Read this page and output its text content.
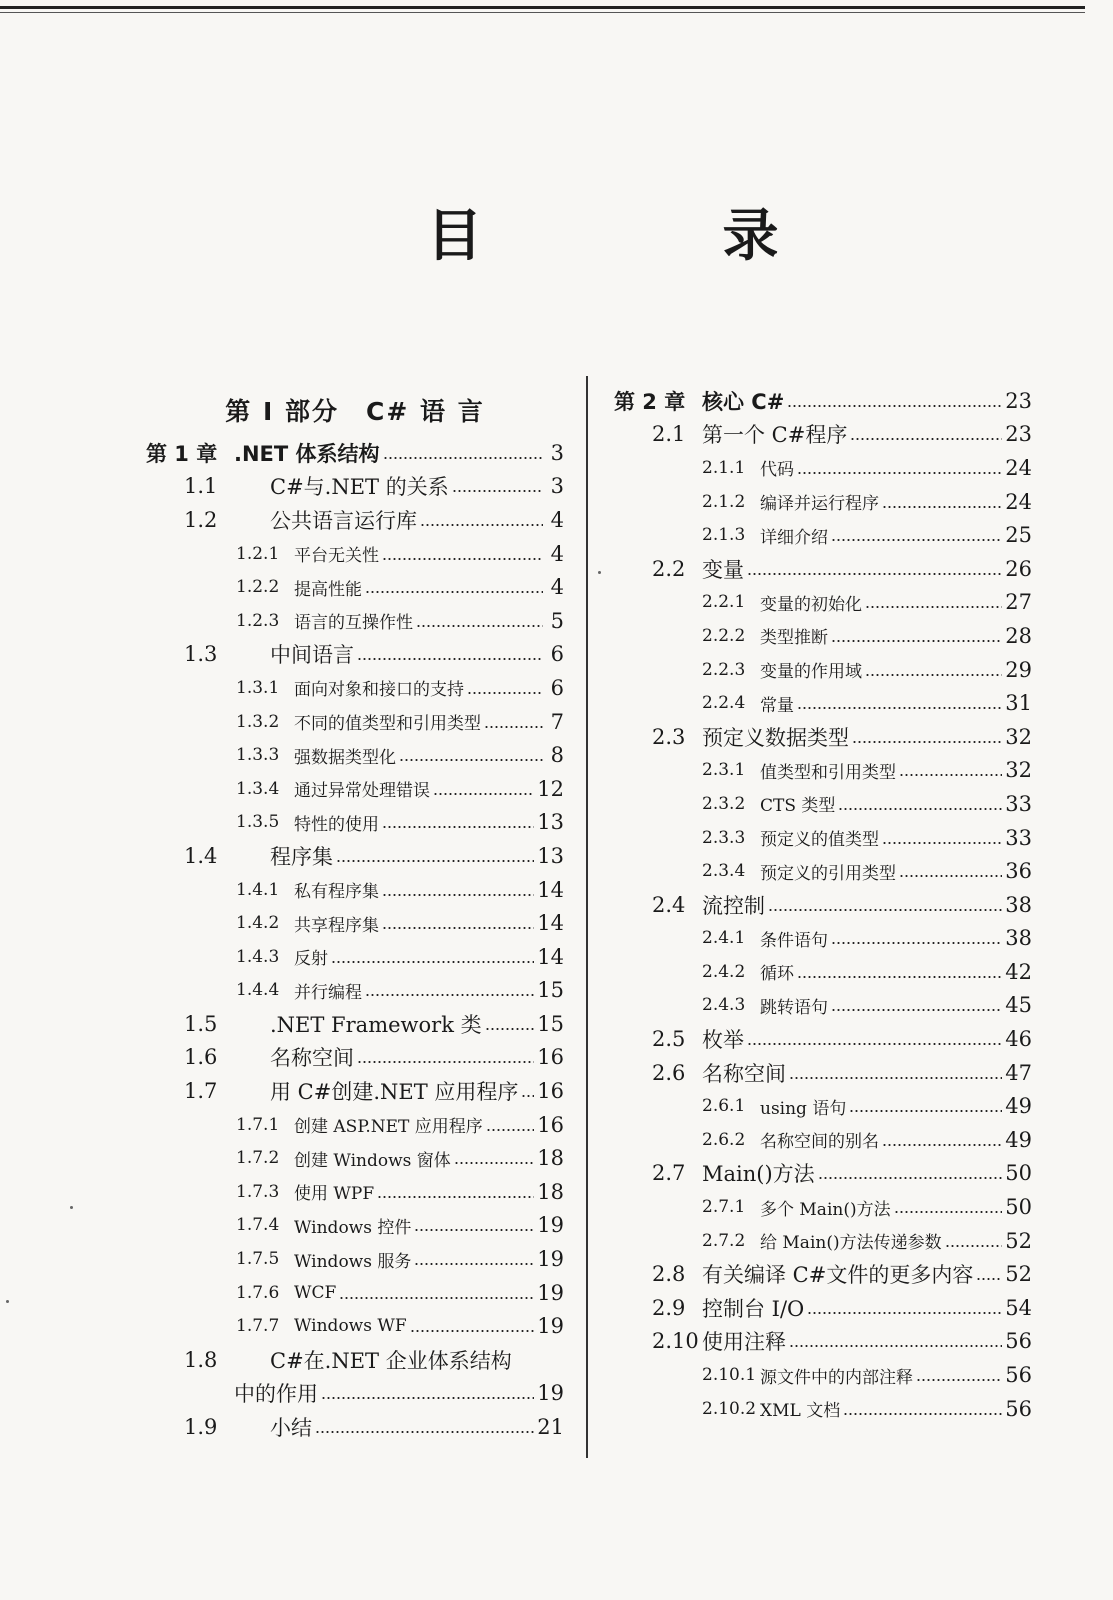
目　录
第 I 部分　C# 语 言
第 1 章 .NET 体系结构	3
1.1	C#与.NET 的关系	3
1.2	公共语言运行库	4
1.2.1 平台无关性	4
1.2.2 提高性能	4
1.2.3 语言的互操作性	5
1.3	中间语言	6
1.3.1 面向对象和接口的支持	6
1.3.2 不同的值类型和引用类型	7
1.3.3 强数据类型化	8
1.3.4 通过异常处理错误	12
1.3.5 特性的使用	13
1.4	程序集	13
1.4.1 私有程序集	14
1.4.2 共享程序集	14
1.4.3 反射	14
1.4.4 并行编程	15
1.5	.NET Framework 类	15
1.6	名称空间	16
1.7	用 C#创建.NET 应用程序 16
1.7.1 创建 ASP.NET 应用程序	16
1.7.2 创建 Windows 窗体	18
1.7.3 使用 WPF	18
1.7.4 Windows 控件	19
1.7.5 Windows 服务	19
1.7.6 WCF	19
1.7.7 Windows WF	19
1.8	C#在.NET 企业体系结构
中的作用	19
1.9	小结	21
第 2 章 核心 C#	23
2.1 第一个 C#程序	23
2.1.1 代码	24
2.1.2 编译并运行程序	24
2.1.3 详细介绍	25
2.2 变量	26
2.2.1 变量的初始化	27
2.2.2 类型推断	28
2.2.3 变量的作用域	29
2.2.4 常量	31
2.3 预定义数据类型	32
2.3.1 值类型和引用类型	32
2.3.2 CTS 类型	33
2.3.3 预定义的值类型	33
2.3.4 预定义的引用类型	36
2.4 流控制	38
2.4.1 条件语句	38
2.4.2 循环	42
2.4.3 跳转语句	45
2.5 枚举	46
2.6 名称空间	47
2.6.1 using 语句	49
2.6.2 名称空间的别名	49
2.7 Main()方法	50
2.7.1 多个 Main()方法	50
2.7.2 给 Main()方法传递参数	52
2.8 有关编译 C#文件的更多内容 52
2.9 控制台 I/O	54
2.10 使用注释	56
2.10.1 源文件中的内部注释	56
2.10.2 XML 文档	56
